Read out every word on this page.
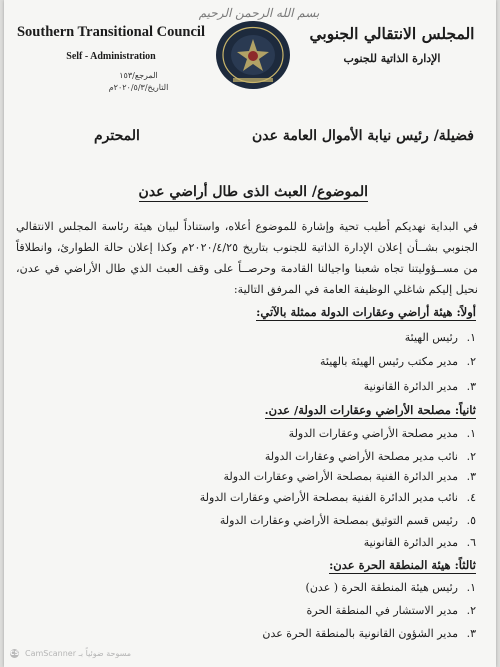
بسم الله الرحمن الرحيم
Southern Transitional Council
Self - Administration
المرجع/١٥٣
التاريخ/٢٠٢٠/٥/٣م
المجلس الانتقالي الجنوبي
الإدارة الذاتية للجنوب
فضيلة/ رئيس نيابة الأموال العامة عدن
المحترم
الموضوع/ العبث الذى طال أراضي عدن
في البداية نهديكم أطيب تحية وإشارة للموضوع أعلاه، واستناداً لبيان هيئة رئاسة المجلس الانتقالي الجنوبي بشــأن إعلان الإدارة الذاتية للجنوب بتاريخ ٢٠٢٠/٤/٢٥م وكذا إعلان حالة الطوارئ، وانطلاقاً من مســؤوليتنا تجاه شعبنا واجيالنا القادمة وحرصــاً على وقف العبث الذي طال الأراضي في عدن، نحيل إليكم شاغلي الوظيفة العامة في المرفق التالية:
أولاً: هيئة أراضي وعقارات الدولة ممثلة بالآتي:
١.رئيس الهيئة
٢.مدير مكتب رئيس الهيئة بالهيئة
٣.مدير الدائرة القانونية
ثانياً: مصلحة الأراضي وعقارات الدولة/ عدن.
١.مدير مصلحة الأراضي وعقارات الدولة
٢.نائب مدير مصلحة الأراضي وعقارات الدولة
٣.مدير الدائرة الفنية بمصلحة الأراضي وعقارات الدولة
٤.نائب مدير الدائرة الفنية بمصلحة الأراضي وعقارات الدولة
٥.رئيس قسم التوثيق بمصلحة الأراضي وعقارات الدولة
٦.مدير الدائرة القانونية
ثالثاً: هيئة المنطقة الحرة عدن:
١.رئيس هيئة المنطقة الحرة ( عدن)
٢.مدير الاستشار في المنطقة الحرة
٣.مدير الشؤون القانونية بالمنطقة الحرة عدن
CS CamScanner مسوحة ضوئياً بـ
